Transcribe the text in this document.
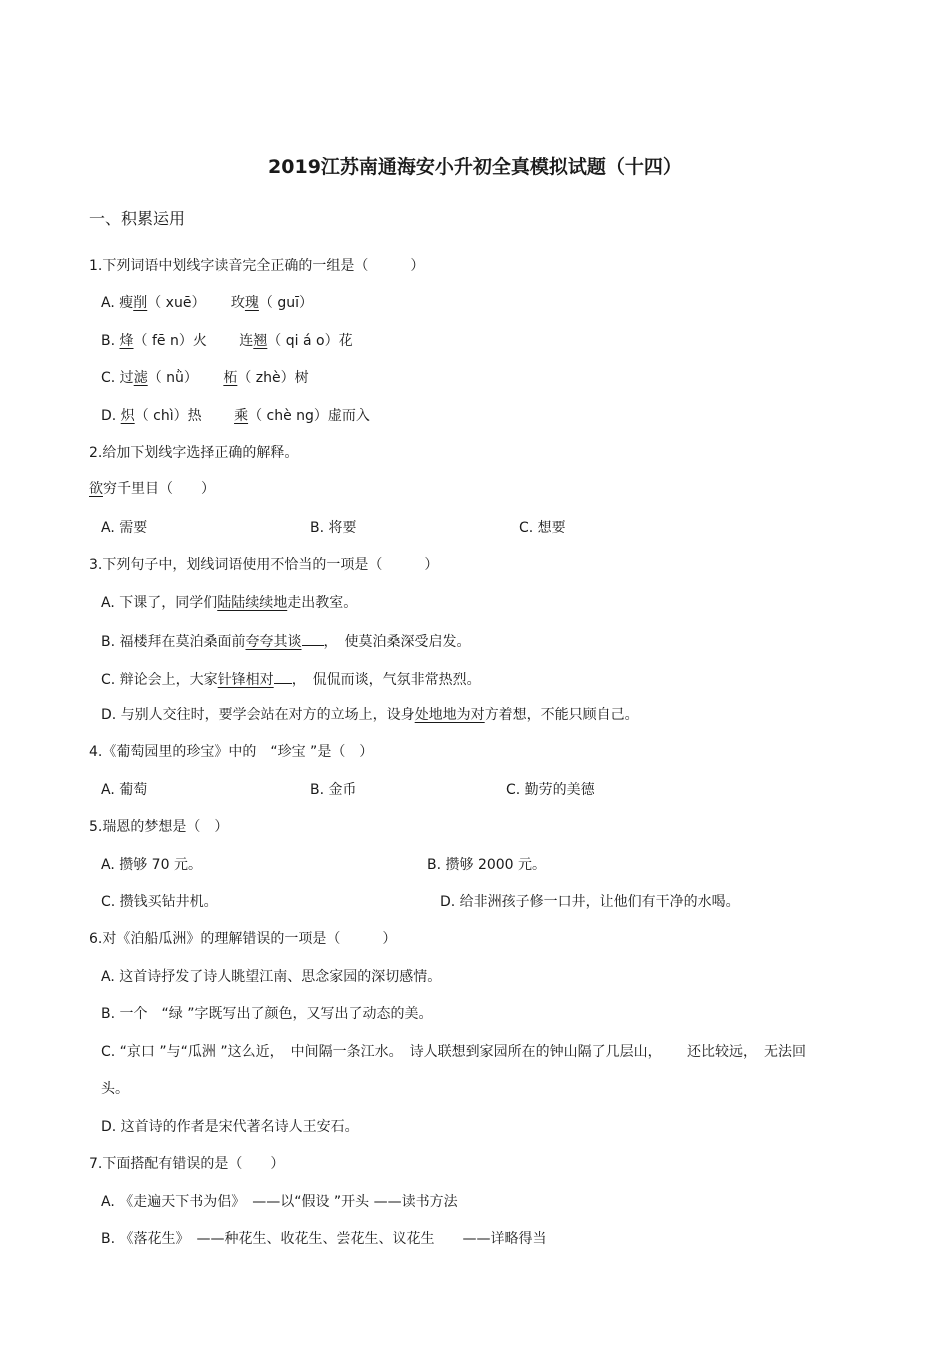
2019江苏南通海安小升初全真模拟试题（十四）
一、积累运用
1.下列词语中划线字读音完全正确的一组是（　　　）
A. 瘦削（ xuē）　　 玫瑰（ guī）
B. 烽（ fē n）火　　 连翘（ qi á o）花
C. 过滤（ nǜ）　　 柘（ zhè）树
D. 炽（ chì）热　　 乘（ chè ng）虚而入
2.给加下划线字选择正确的解释。
欲穷千里目（　　）
A. 需要	B. 将要	C. 想要
3.下列句子中，划线词语使用不恰当的一项是（　　　）
A. 下课了，同学们陆陆续续地走出教室。
B. 福楼拜在莫泊桑面前夸夸其谈 ，　使莫泊桑深受启发。
C. 辩论会上，大家针锋相对 ，　侃侃而谈，气氛非常热烈。
D. 与别人交往时，要学会站在对方的立场上，设身处地地为对方着想，不能只顾自己。
4.《葡萄园里的珍宝》中的　“珍宝 ”是（　）
A. 葡萄	B. 金币	C. 勤劳的美德
5.瑞恩的梦想是（　）
A. 攒够 70 元。	B. 攒够 2000 元。
C. 攒钱买钻井机。	D. 给非洲孩子修一口井，让他们有干净的水喝。
6.对《泊船瓜洲》的理解错误的一项是（　　　）
A. 这首诗抒发了诗人眺望江南、思念家园的深切感情。
B. 一个　“绿 ”字既写出了颜色，又写出了动态的美。
C. “京口 ”与“瓜洲 ”这么近，　中间隔一条江水。　诗人联想到家园所在的钟山隔了几层山，　　 还比较远，　无法回
头。
D. 这首诗的作者是宋代著名诗人王安石。
7.下面搭配有错误的是（　　）
A. 《走遍天下书为侣》　——以“假设 ”开头 ——读书方法
B. 《落花生》　——种花生、收花生、尝花生、议花生　　——详略得当
